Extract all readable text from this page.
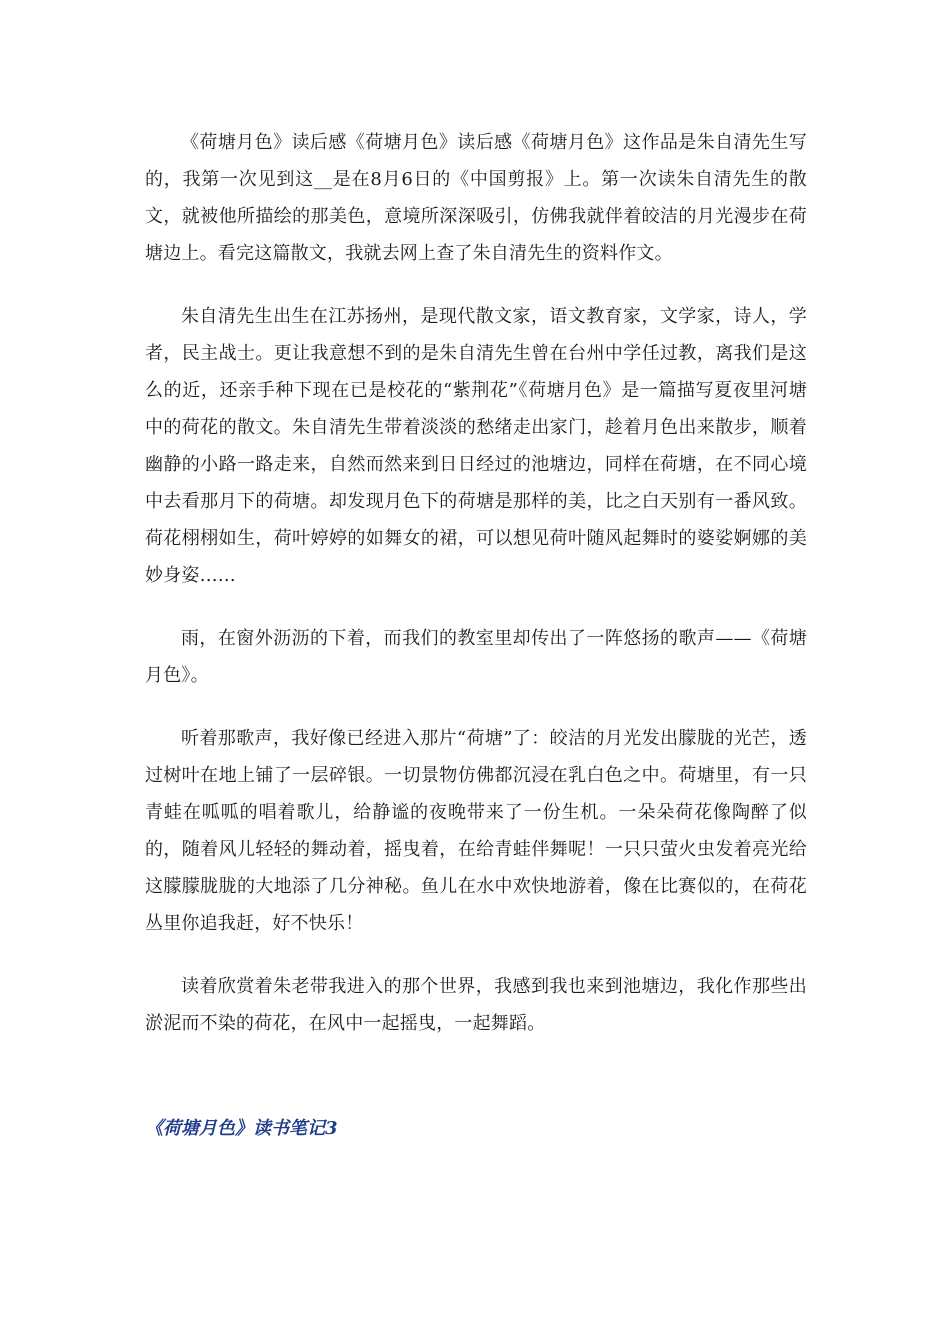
《荷塘月色》读后感《荷塘月色》读后感《荷塘月色》这作品是朱自清先生写的，我第一次见到这__是在8月6日的《中国剪报》上。第一次读朱自清先生的散文，就被他所描绘的那美色，意境所深深吸引，仿佛我就伴着皎洁的月光漫步在荷塘边上。看完这篇散文，我就去网上查了朱自清先生的资料作文。

朱自清先生出生在江苏扬州，是现代散文家，语文教育家，文学家，诗人，学者，民主战士。更让我意想不到的是朱自清先生曾在台州中学任过教，离我们是这么的近，还亲手种下现在已是校花的“紫荆花”《荷塘月色》是一篇描写夏夜里河塘中的荷花的散文。朱自清先生带着淡淡的愁绪走出家门，趁着月色出来散步，顺着幽静的小路一路走来，自然而然来到日日经过的池塘边，同样在荷塘，在不同心境中去看那月下的荷塘。却发现月色下的荷塘是那样的美，比之白天别有一番风致。荷花栩栩如生，荷叶婷婷的如舞女的裙，可以想见荷叶随风起舞时的婆娑婀娜的美妙身姿……

雨，在窗外沥沥的下着，而我们的教室里却传出了一阵悠扬的歌声——《荷塘月色》。

听着那歌声，我好像已经进入那片“荷塘”了：皎洁的月光发出朦胧的光芒，透过树叶在地上铺了一层碎银。一切景物仿佛都沉浸在乳白色之中。荷塘里，有一只青蛙在呱呱的唱着歌儿，给静谧的夜晚带来了一份生机。一朵朵荷花像陶醉了似的，随着风儿轻轻的舞动着，摇曳着，在给青蛙伴舞呢！一只只萤火虫发着亮光给这朦朦胧胧的大地添了几分神秘。鱼儿在水中欢快地游着，像在比赛似的，在荷花丛里你追我赶，好不快乐！

读着欣赏着朱老带我进入的那个世界，我感到我也来到池塘边，我化作那些出淤泥而不染的荷花，在风中一起摇曳，一起舞蹈。

《荷塘月色》读书笔记3
